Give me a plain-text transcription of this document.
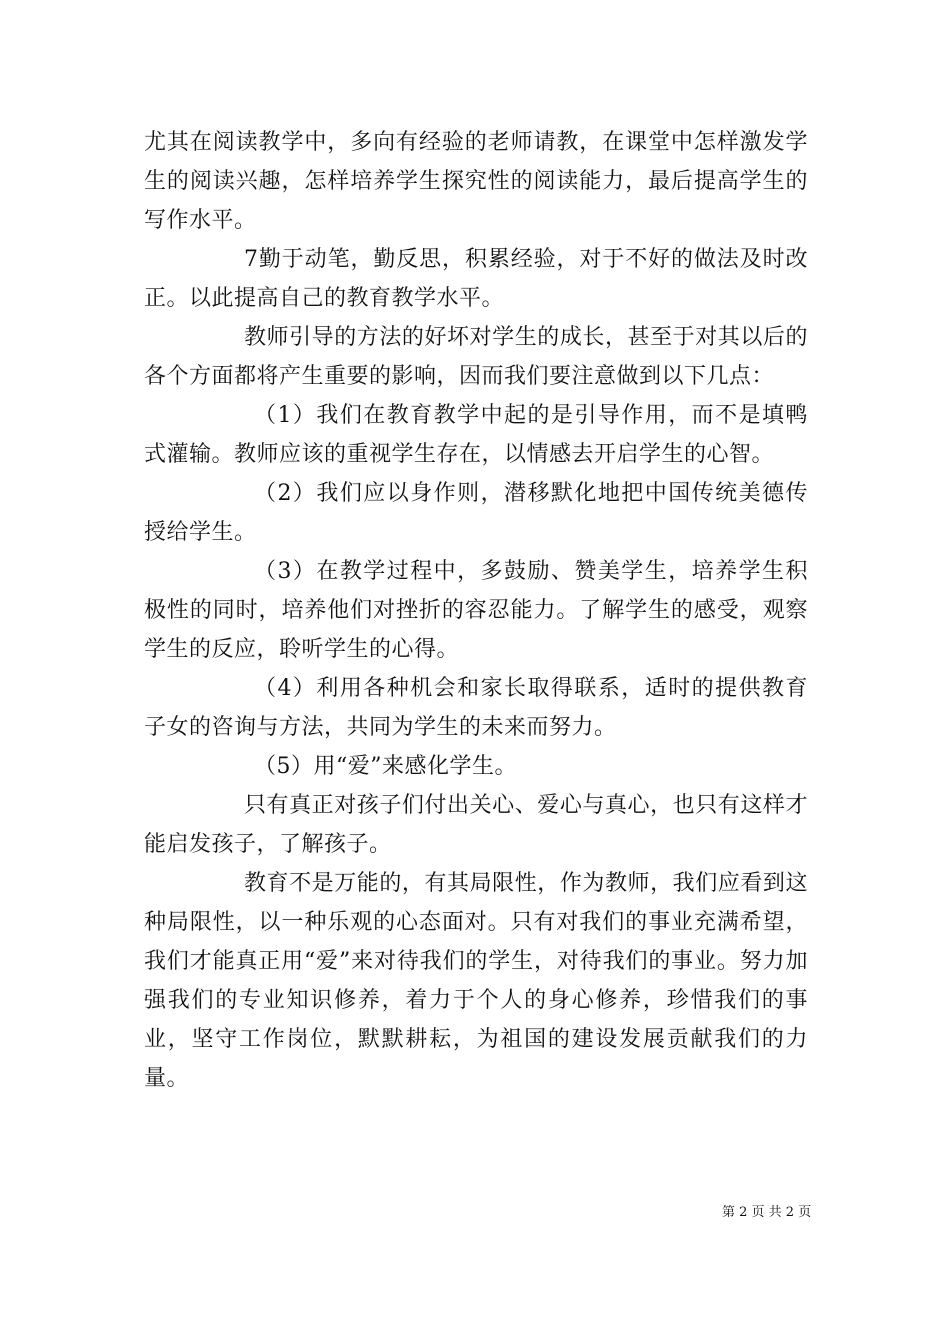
尤其在阅读教学中，多向有经验的老师请教，在课堂中怎样激发学生的阅读兴趣，怎样培养学生探究性的阅读能力，最后提高学生的写作水平。

7勤于动笔，勤反思，积累经验，对于不好的做法及时改正。以此提高自己的教育教学水平。

教师引导的方法的好坏对学生的成长，甚至于对其以后的各个方面都将产生重要的影响，因而我们要注意做到以下几点：

（1）我们在教育教学中起的是引导作用，而不是填鸭式灌输。教师应该的重视学生存在，以情感去开启学生的心智。

（2）我们应以身作则，潜移默化地把中国传统美德传授给学生。

（3）在教学过程中，多鼓励、赞美学生，培养学生积极性的同时，培养他们对挫折的容忍能力。了解学生的感受，观察学生的反应，聆听学生的心得。

（4）利用各种机会和家长取得联系，适时的提供教育子女的咨询与方法，共同为学生的未来而努力。

（5）用“爱”来感化学生。

只有真正对孩子们付出关心、爱心与真心，也只有这样才能启发孩子，了解孩子。

教育不是万能的，有其局限性，作为教师，我们应看到这种局限性，以一种乐观的心态面对。只有对我们的事业充满希望，我们才能真正用“爱”来对待我们的学生，对待我们的事业。努力加强我们的专业知识修养，着力于个人的身心修养，珍惜我们的事业，坚守工作岗位，默默耕耘，为祖国的建设发展贡献我们的力量。

第 2 页 共 2 页
